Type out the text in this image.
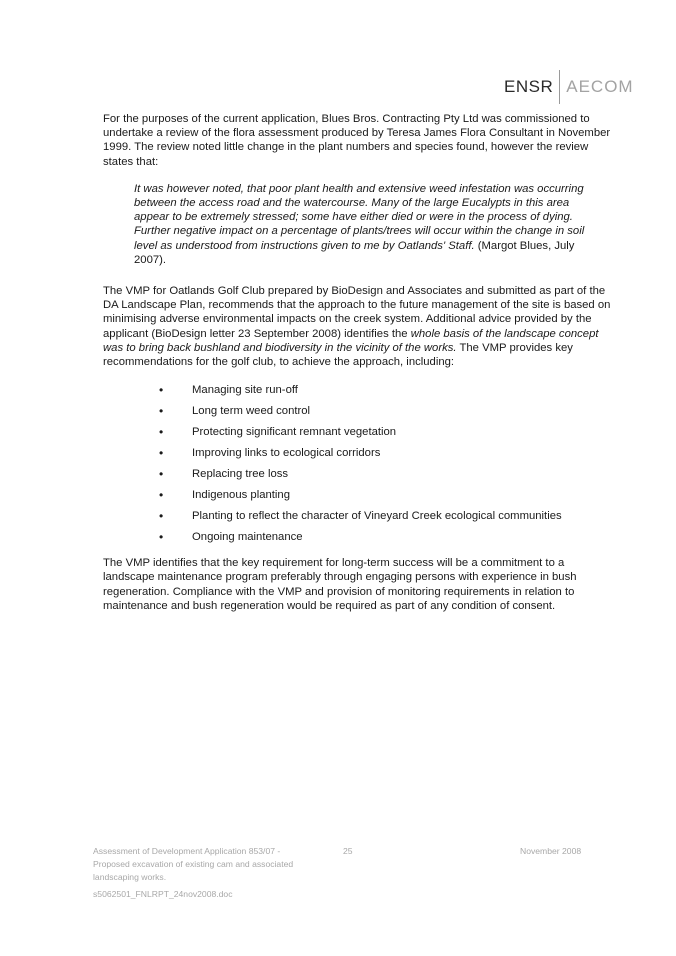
ENSR AECOM

For the purposes of the current application, Blues Bros. Contracting Pty Ltd was commissioned to undertake a review of the flora assessment produced by Teresa James Flora Consultant in November 1999. The review noted little change in the plant numbers and species found, however the review states that:

It was however noted, that poor plant health and extensive weed infestation was occurring between the access road and the watercourse. Many of the large Eucalypts in this area appear to be extremely stressed; some have either died or were in the process of dying. Further negative impact on a percentage of plants/trees will occur within the change in soil level as understood from instructions given to me by Oatlands' Staff. (Margot Blues, July 2007).

The VMP for Oatlands Golf Club prepared by BioDesign and Associates and submitted as part of the DA Landscape Plan, recommends that the approach to the future management of the site is based on minimising adverse environmental impacts on the creek system. Additional advice provided by the applicant (BioDesign letter 23 September 2008) identifies the whole basis of the landscape concept was to bring back bushland and biodiversity in the vicinity of the works. The VMP provides key recommendations for the golf club, to achieve the approach, including:

•	Managing site run-off
•	Long term weed control
•	Protecting significant remnant vegetation
•	Improving links to ecological corridors
•	Replacing tree loss
•	Indigenous planting
•	Planting to reflect the character of Vineyard Creek ecological communities
•	Ongoing maintenance

The VMP identifies that the key requirement for long-term success will be a commitment to a landscape maintenance program preferably through engaging persons with experience in bush regeneration. Compliance with the VMP and provision of monitoring requirements in relation to maintenance and bush regeneration would be required as part of any condition of consent.

Assessment of Development Application 853/07 - Proposed excavation of existing cam and associated landscaping works.
s5062501_FNLRPT_24nov2008.doc
25	November 2008
